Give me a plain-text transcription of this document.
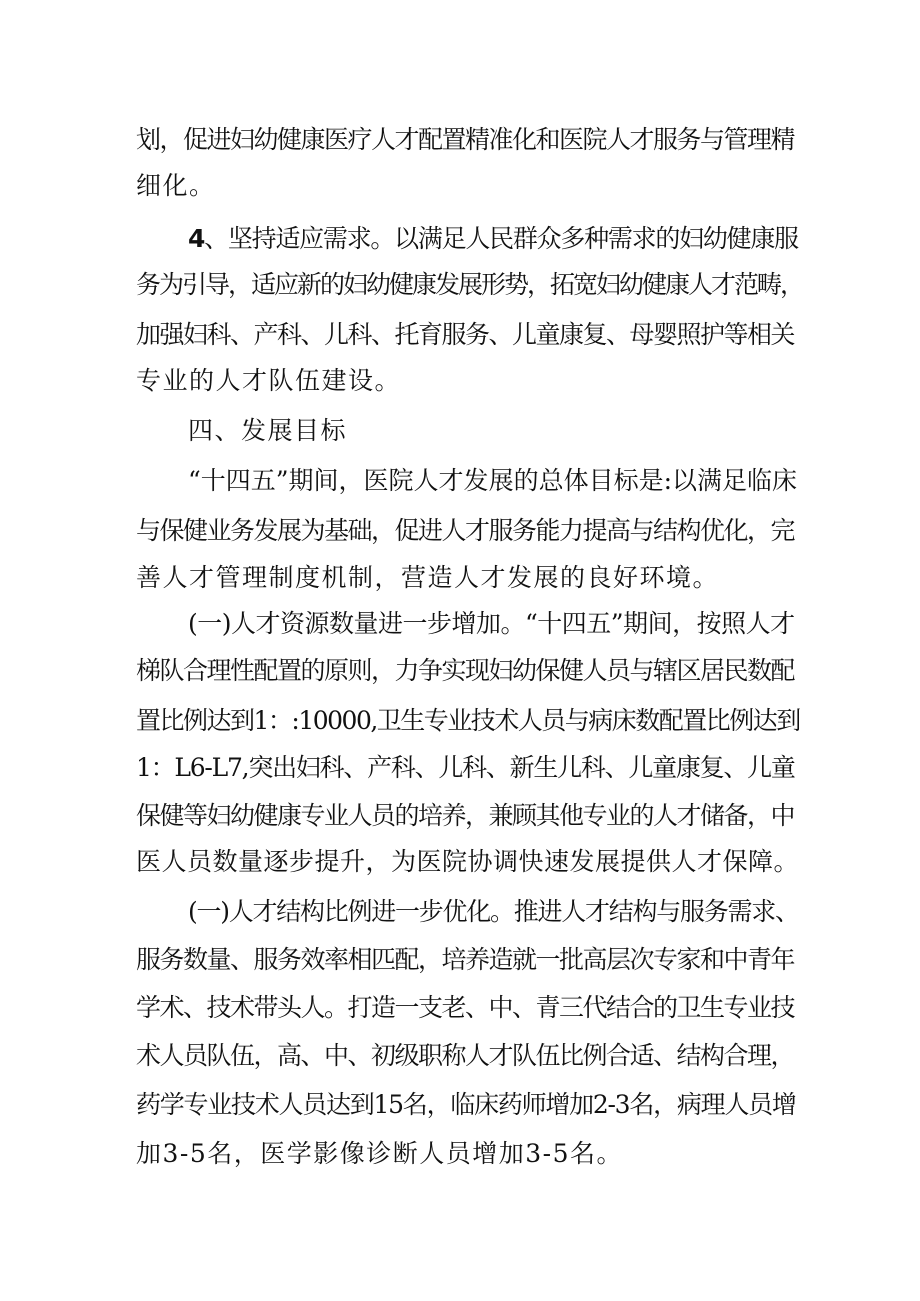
划，促进妇幼健康医疗人才配置精准化和医院人才服务与管理精
细化。
4、坚持适应需求。以满足人民群众多种需求的妇幼健康服
务为引导，适应新的妇幼健康发展形势，拓宽妇幼健康人才范畴，
加强妇科、产科、儿科、托育服务、儿童康复、母婴照护等相关
专业的人才队伍建设。
四、发展目标
“十四五”期间，医院人才发展的总体目标是:以满足临床
与保健业务发展为基础，促进人才服务能力提高与结构优化，完
善人才管理制度机制，营造人才发展的良好环境。
(一)人才资源数量进一步增加。“十四五”期间，按照人才
梯队合理性配置的原则，力争实现妇幼保健人员与辖区居民数配
置比例达到1：:10000,卫生专业技术人员与病床数配置比例达到
1：L6-L7,突出妇科、产科、儿科、新生儿科、儿童康复、儿童
保健等妇幼健康专业人员的培养，兼顾其他专业的人才储备，中
医人员数量逐步提升，为医院协调快速发展提供人才保障。
(一)人才结构比例进一步优化。推进人才结构与服务需求、
服务数量、服务效率相匹配，培养造就一批高层次专家和中青年
学术、技术带头人。打造一支老、中、青三代结合的卫生专业技
术人员队伍，高、中、初级职称人才队伍比例合适、结构合理，
药学专业技术人员达到15名，临床药师增加2-3名，病理人员增
加3-5名，医学影像诊断人员增加3-5名。
